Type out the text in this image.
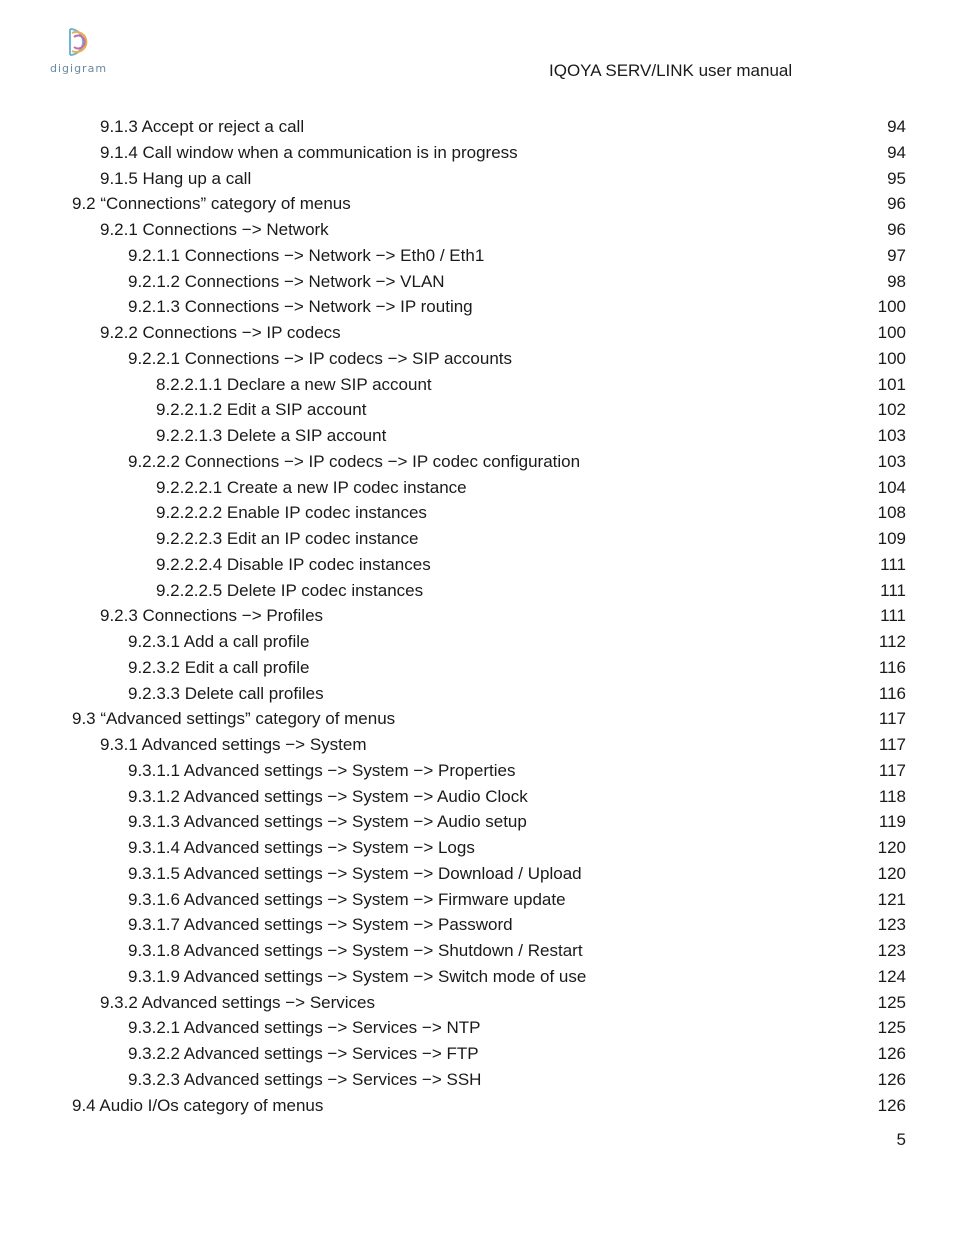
digigram	IQOYA SERV/LINK user manual
9.1.3 Accept or reject a call	94
9.1.4 Call window when a communication is in progress	94
9.1.5 Hang up a call	95
9.2 “Connections” category of menus	96
9.2.1 Connections −> Network	96
9.2.1.1 Connections −> Network −> Eth0 / Eth1	97
9.2.1.2 Connections −> Network −> VLAN	98
9.2.1.3 Connections −> Network −> IP routing	100
9.2.2 Connections −> IP codecs	100
9.2.2.1 Connections −> IP codecs −> SIP accounts	100
8.2.2.1.1 Declare a new SIP account	101
9.2.2.1.2 Edit a SIP account	102
9.2.2.1.3 Delete a SIP account	103
9.2.2.2 Connections −> IP codecs −> IP codec configuration	103
9.2.2.2.1 Create a new IP codec instance	104
9.2.2.2.2 Enable IP codec instances	108
9.2.2.2.3 Edit an IP codec instance	109
9.2.2.2.4 Disable IP codec instances	111
9.2.2.2.5 Delete IP codec instances	111
9.2.3 Connections −> Profiles	111
9.2.3.1 Add a call profile	112
9.2.3.2 Edit a call profile	116
9.2.3.3 Delete call profiles	116
9.3 “Advanced settings” category of menus	117
9.3.1 Advanced settings −> System	117
9.3.1.1 Advanced settings −> System −> Properties	117
9.3.1.2 Advanced settings −> System −> Audio Clock	118
9.3.1.3 Advanced settings −> System −> Audio setup	119
9.3.1.4 Advanced settings −> System −> Logs	120
9.3.1.5 Advanced settings −> System −> Download / Upload	120
9.3.1.6 Advanced settings −> System −> Firmware update	121
9.3.1.7 Advanced settings −> System −> Password	123
9.3.1.8 Advanced settings −> System −> Shutdown / Restart	123
9.3.1.9 Advanced settings −> System −> Switch mode of use	124
9.3.2 Advanced settings −> Services	125
9.3.2.1 Advanced settings −> Services −> NTP	125
9.3.2.2 Advanced settings −> Services −> FTP	126
9.3.2.3 Advanced settings −> Services −> SSH	126
9.4 Audio I/Os category of menus	126
5
